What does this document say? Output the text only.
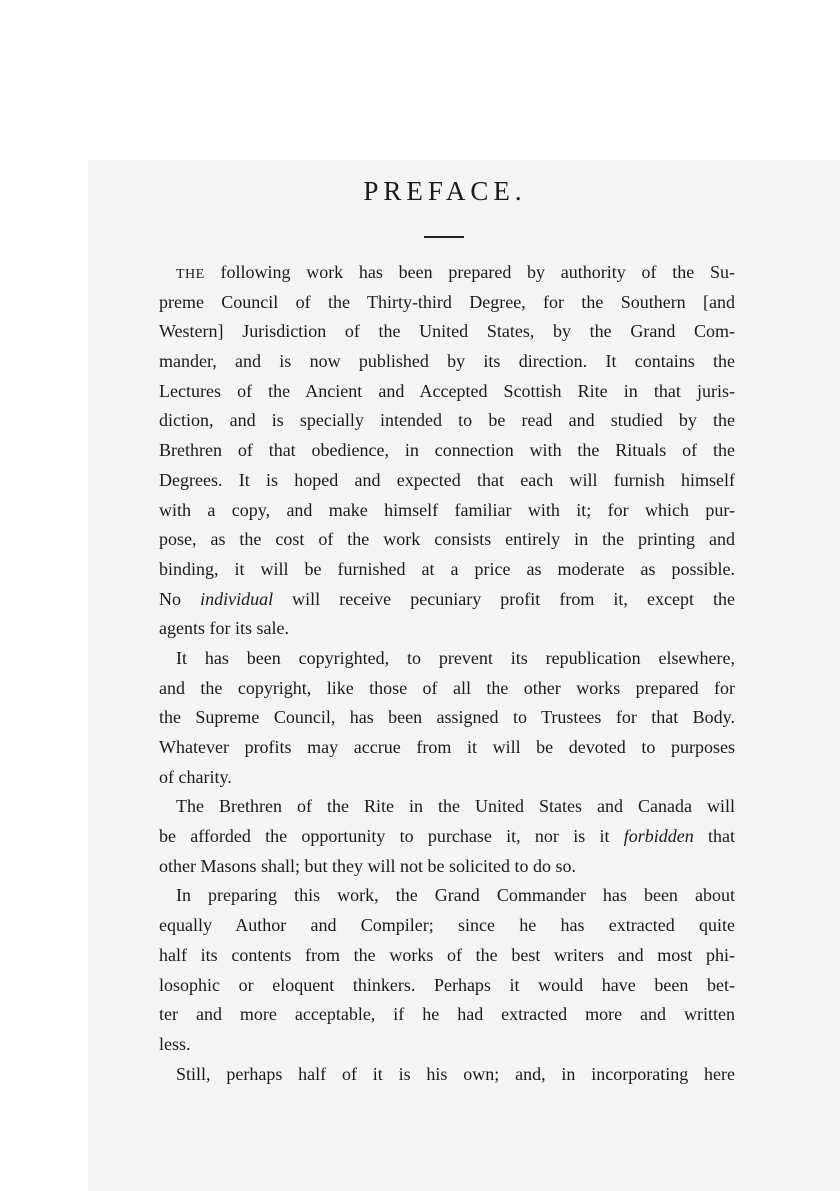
PREFACE.
THE following work has been prepared by authority of the Su-
preme Council of the Thirty-third Degree, for the Southern [and
Western] Jurisdiction of the United States, by the Grand Com-
mander, and is now published by its direction. It contains the
Lectures of the Ancient and Accepted Scottish Rite in that juris-
diction, and is specially intended to be read and studied by the
Brethren of that obedience, in connection with the Rituals of the
Degrees. It is hoped and expected that each will furnish himself
with a copy, and make himself familiar with it; for which pur-
pose, as the cost of the work consists entirely in the printing and
binding, it will be furnished at a price as moderate as possible.
No individual will receive pecuniary profit from it, except the
agents for its sale.
It has been copyrighted, to prevent its republication elsewhere,
and the copyright, like those of all the other works prepared for
the Supreme Council, has been assigned to Trustees for that Body.
Whatever profits may accrue from it will be devoted to purposes
of charity.
The Brethren of the Rite in the United States and Canada will
be afforded the opportunity to purchase it, nor is it forbidden that
other Masons shall; but they will not be solicited to do so.
In preparing this work, the Grand Commander has been about
equally Author and Compiler; since he has extracted quite
half its contents from the works of the best writers and most phi-
losophic or eloquent thinkers. Perhaps it would have been bet-
ter and more acceptable, if he had extracted more and written
less.
Still, perhaps half of it is his own; and, in incorporating here
